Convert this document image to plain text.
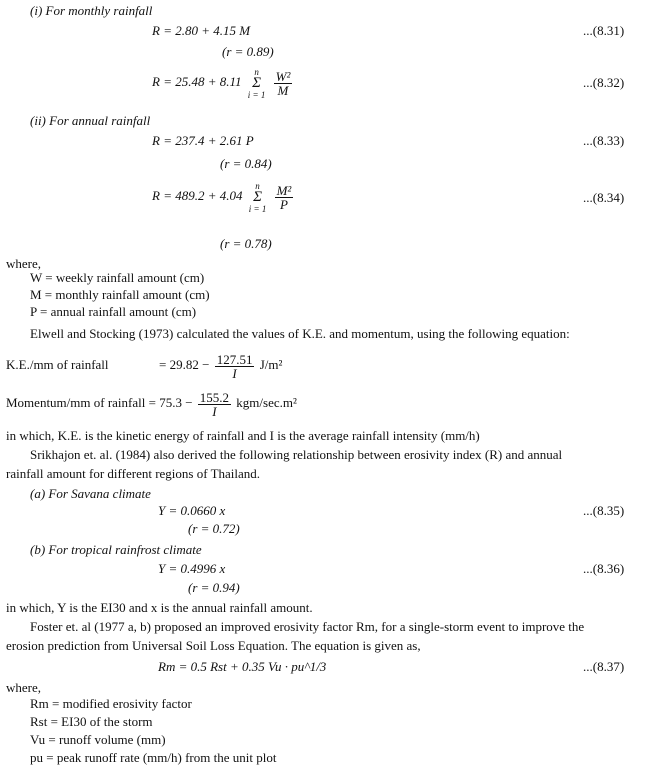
(i) For monthly rainfall
R = 2.80 + 4.15 M	...(8.31)
(r = 0.89)
R = 25.48 + 8.11
n
Σ
i = 1
$\frac{\text{W²}}{M}$	...(8.32)
(ii) For annual rainfall
R = 237.4 + 2.61 P	...(8.33)
(r = 0.84)
R = 489.2 + 4.04
n
Σ
i = 1
$\frac{\text{M²}}{P}$	...(8.34)
(r = 0.78)
where,
W = weekly rainfall amount (cm)
M = monthly rainfall amount (cm)
P = annual rainfall amount (cm)
Elwell and Stocking (1973) calculated the values of K.E. and momentum, using the following equation:
K.E./mm of rainfall	= $29.82 - \frac{127.51}{I} J/m^2$
Momentum/mm of rainfall = $75.3 - \frac{155.2}{I} kgm/\sec.m^2$
in which, K.E. is the kinetic energy of rainfall and I is the average rainfall intensity (mm/h)
Srikhajon et. al. (1984) also derived the following relationship between erosivity index (R) and annual
rainfall amount for different regions of Thailand.
(a) For Savana climate
Y = 0.0660 x	...(8.35)
(r = 0.72)
(b) For tropical rainfrost climate
Y = 0.4996 x	...(8.36)
(r = 0.94)
in which, Y is the EI30 and x is the annual rainfall amount.
Foster et. al (1977 a, b) proposed an improved erosivity factor Rm, for a single-storm event to improve the
erosion prediction from Universal Soil Loss Equation. The equation is given as,
Rm = 0.5 Rst + 0.35 Vu · pu^1/3	...(8.37)
where,
Rm = modified erosivity factor
Rst = EI30 of the storm
Vu = runoff volume (mm)
pu = peak runoff rate (mm/h) from the unit plot
